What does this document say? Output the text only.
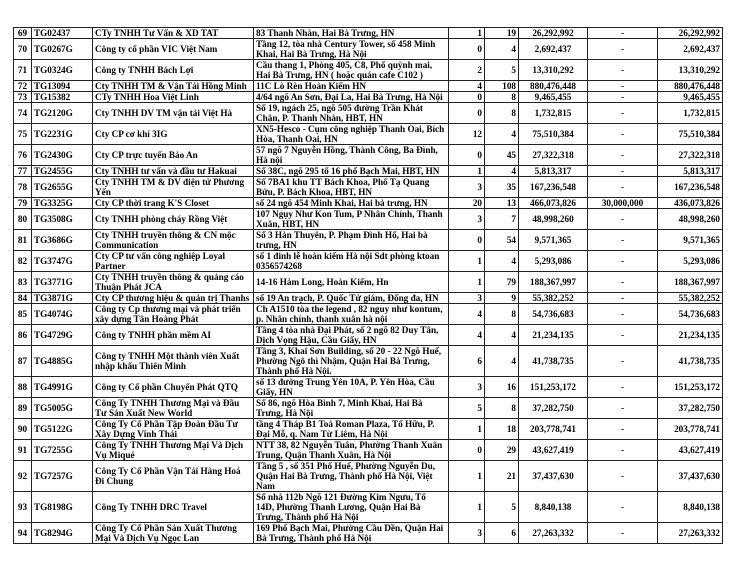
69	TG02437	CTy TNHH Tư Vấn & XD TAT	83 Thanh Nhàn, Hai Bà Trưng, HN	1	19	26,292,992	-	26,292,992
70	TG0267G	Công ty cổ phần VIC Việt Nam	Tầng 12, tòa nhà Century Tower, số 458 Minh Khai, Hai Bà Trưng, Hà Nội	0	4	2,692,437	-	2,692,437
71	TG0324G	Công ty TNHH Bách Lợi	Cầu thang 1, Phòng 405, C8, Phố quỳnh mai, Hai Bà Trưng, HN ( hoặc quán cafe C102 )	2	5	13,310,292	-	13,310,292
72	TG13094	Cty TNHH TM & Vận Tải Hồng Minh	11C Lò Rèn Hoàn Kiếm HN	4	108	880,476,448	-	880,476,448
73	TG15382	CTy TNHH Hoa Việt Linh	4/64 ngõ An Sơn, Đại La, Hai Bà Trưng, Hà Nội	0	8	9,465,455	-	9,465,455
74	TG2120G	Cty TNHH DV TM vận tải Việt Hà	Số 19, ngách 25, ngõ 505 đường Trần Khát Chân, P. Thanh Nhàn, HBT, HN	0	8	1,732,815	-	1,732,815
75	TG2231G	Cty CP cơ khí 3IG	XN5-Hesco - Cụm công nghiệp Thanh Oai, Bích Hòa, Thanh Oai, HN	12	4	75,510,384	-	75,510,384
76	TG2430G	Cty CP trực tuyến Bảo An	57 ngõ 7 Nguyễn Hồng, Thành Công, Ba Đình, Hà nội	0	45	27,322,318	-	27,322,318
77	TG2455G	Cty TNHH tư vấn và đầu tư Hakuai	Số 38C, ngõ 295 tổ 16 phố Bạch Mai, HBT, HN	1	4	5,813,317	-	5,813,317
78	TG2655G	Cty TNHH TM & DV điện tử Phương Yến	Số 7BA1 khu TT Bách Khoa, Phố Tạ Quang Bửu, P. Bách Khoa, HBT, HN	3	35	167,236,548	-	167,236,548
79	TG3325G	Cty CP thời trang K'S Closet	số 24 ngõ 454 Minh Khai, Hai bà trưng, HN	20	13	466,073,826	30,000,000	436,073,826
80	TG3508G	Cty TNHH phòng cháy Rồng Việt	107 Ngụy Như Kon Tum, P Nhân Chính, Thanh Xuân, HBT, HN	3	7	48,998,260	-	48,998,260
81	TG3686G	Cty TNHH truyền thông & CN mộc Communication	Số 3 Hàn Thuyên, P. Phạm Đình Hổ, Hai bà trưng, HN	0	54	9,571,365	-	9,571,365
82	TG3747G	Cty CP tư vấn công nghiệp Loyal Partner	số 1 đinh lễ hoàn kiếm Hà nội Sdt phòng ktoan 0356574268	1	4	5,293,086	-	5,293,086
83	TG3771G	Cty TNHH truyền thông & quảng cáo Thuận Phát JCA	14-16 Hàm Long, Hoàn Kiếm, Hn	1	79	188,367,997	-	188,367,997
84	TG3871G	Cty CP thương hiệu & quản trị Thanhs	số 19 An trạch, P. Quốc Tử giám, Đống đa, HN	3	9	55,382,252	-	55,382,252
85	TG4074G	Công ty Cp thương mại và phát triển xây dựng Tân Hoàng Phát	Ch A1510 tòa the legend , 82 nguy như kontum, p. Nhân chính, thanh xuân hà nội	4	8	54,736,683	-	54,736,683
86	TG4729G	Công ty TNHH phần mềm AI	Tầng 4 tòa nhà Đại Phát, số 2 ngõ 82 Duy Tân, Dịch Vọng Hậu, Cầu Giấy, HN	4	4	21,234,135	-	21,234,135
87	TG4885G	Công ty TNHH Một thành viên Xuất nhập khẩu Thiên Minh	Tầng 3, Khai Sơn Building, số 20 - 22 Ngõ Huế, Phường Ngô thì Nhậm, Quận Hai Bà Trưng, Thành phố Hà Nội.	6	4	41,738,735	-	41,738,735
88	TG4991G	Công ty Cổ phần Chuyển Phát QTQ	số 13 đường Trung Yên 10A, P. Yên Hòa, Cầu Giấy, HN	3	16	151,253,172	-	151,253,172
89	TG5005G	Công Ty TNHH Thương Mại và Đầu Tư Sản Xuất New World	Số 86, ngõ Hòa Bình 7, Minh Khai, Hai Bà Trưng, Hà Nội	5	8	37,282,750	-	37,282,750
90	TG5122G	Công Ty Cổ Phần Tập Đoàn Đầu Tư Xây Dựng Vĩnh Thái	tầng 4 Tháp B1 Toà Roman Plaza, Tố Hữu, P. Đại Mỗ, q. Nam Từ Liêm, Hà Nội	1	18	203,778,741	-	203,778,741
91	TG7255G	Công Ty TNHH Thương Mại Và Dịch Vụ Miqué	NTT 38, 82 Nguyễn Tuân, Phường Thanh Xuân Trung, Quận Thanh Xuân, Hà Nội	0	29	43,627,419	-	43,627,419
92	TG7257G	Công Ty Cổ Phần Vận Tải Hàng Hoá Đi Chung	Tầng 5 , số 351 Phố Huế, Phường Nguyễn Du, Quận Hai Bà Trưng, Thành phố Hà Nội, Việt Nam	1	21	37,437,630	-	37,437,630
93	TG8198G	Công Ty TNHH DRC Travel	Số nhà 112b Ngõ 121 Đường Kim Ngưu, Tổ 14D, Phường Thanh Lương, Quận Hai Bà Trưng, Thành phố Hà Nội	1	5	8,840,138	-	8,840,138
94	TG8294G	Công Ty Cổ Phần Sản Xuất Thương Mại Và Dịch Vụ Ngọc Lan	169 Phố Bạch Mai, Phường Cầu Dền, Quận Hai Bà Trưng, Thành phố Hà Nội	3	6	27,263,332	-	27,263,332
